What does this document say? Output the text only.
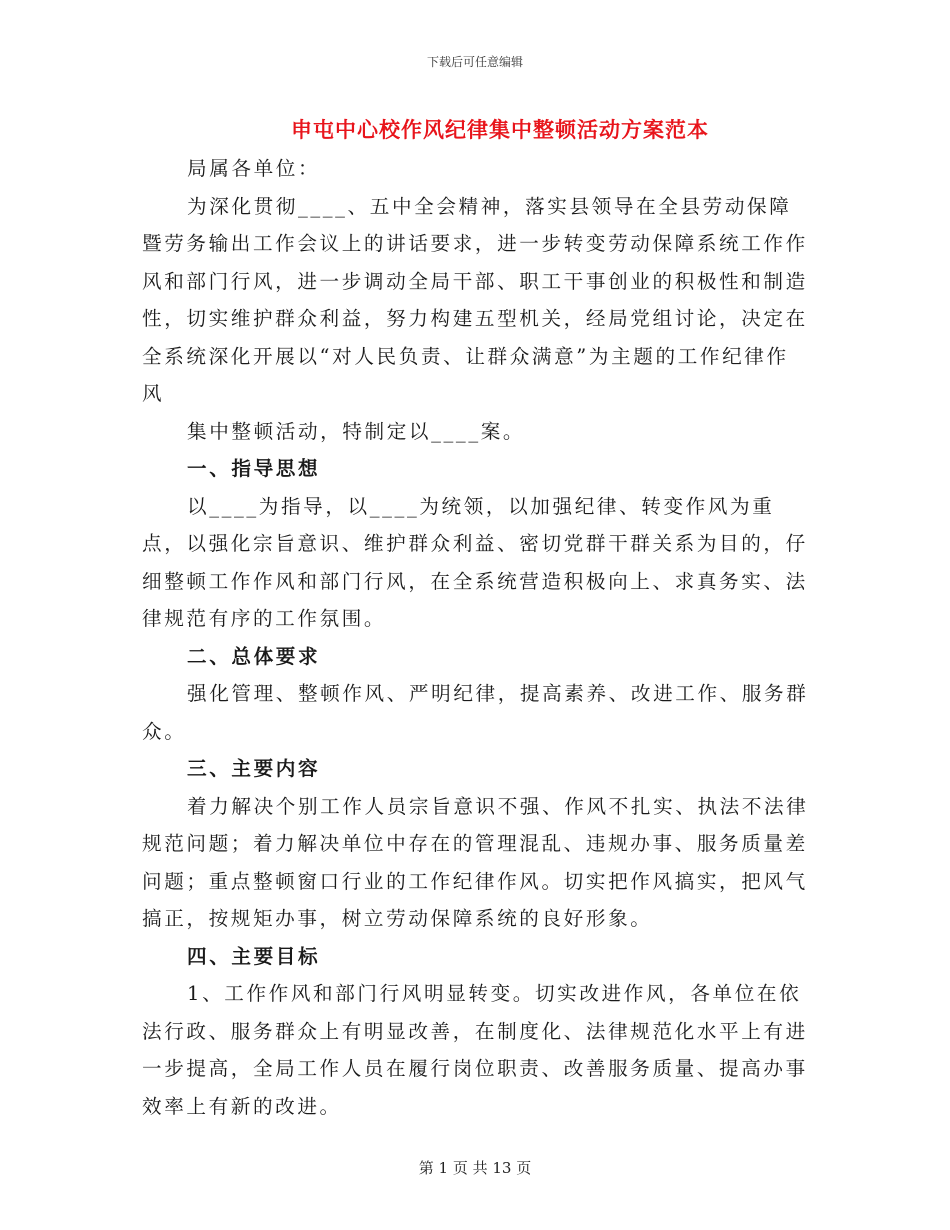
下载后可任意编辑
申屯中心校作风纪律集中整顿活动方案范本

局属各单位：

为深化贯彻____、五中全会精神，落实县领导在全县劳动保障暨劳务输出工作会议上的讲话要求，进一步转变劳动保障系统工作作风和部门行风，进一步调动全局干部、职工干事创业的积极性和制造性，切实维护群众利益，努力构建五型机关，经局党组讨论，决定在全系统深化开展以“对人民负责、让群众满意”为主题的工作纪律作风

集中整顿活动，特制定以____案。

一、指导思想

以____为指导，以____为统领，以加强纪律、转变作风为重点，以强化宗旨意识、维护群众利益、密切党群干群关系为目的，仔细整顿工作作风和部门行风，在全系统营造积极向上、求真务实、法律规范有序的工作氛围。

二、总体要求

强化管理、整顿作风、严明纪律，提高素养、改进工作、服务群众。

三、主要内容

着力解决个别工作人员宗旨意识不强、作风不扎实、执法不法律规范问题；着力解决单位中存在的管理混乱、违规办事、服务质量差问题；重点整顿窗口行业的工作纪律作风。切实把作风搞实，把风气搞正，按规矩办事，树立劳动保障系统的良好形象。

四、主要目标

1、工作作风和部门行风明显转变。切实改进作风，各单位在依法行政、服务群众上有明显改善，在制度化、法律规范化水平上有进一步提高，全局工作人员在履行岗位职责、改善服务质量、提高办事效率上有新的改进。

第 1 页 共 13 页
